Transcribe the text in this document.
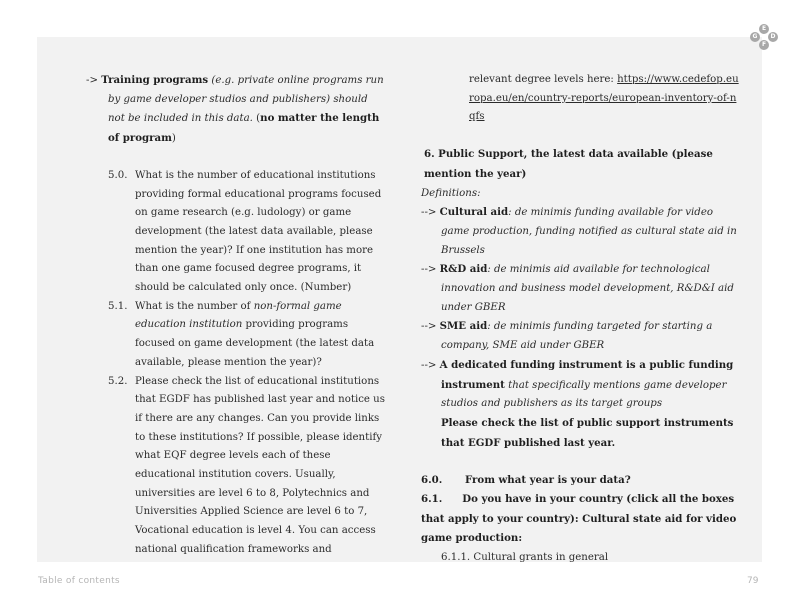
E
G	D
F

-> Training programs (e.g. private online programs run by game developer studios and publishers) should not be included in this data. (no matter the length of program)

5.0. What is the number of educational institutions providing formal educational programs focused on game research (e.g. ludology) or game development (the latest data available, please mention the year)? If one institution has more than one game focused degree programs, it should be calculated only once. (Number)
5.1. What is the number of non-formal game education institution providing programs focused on game development (the latest data available, please mention the year)?
5.2. Please check the list of educational institutions that EGDF has published last year and notice us if there are any changes. Can you provide links to these institutions? If possible, please identify what EQF degree levels each of these educational institution covers. Usually, universities are level 6 to 8, Polytechnics and Universities Applied Science are level 6 to 7, Vocational education is level 4. You can access national qualification frameworks and

relevant degree levels here: https://www.cedefop.europa.eu/en/country-reports/european-inventory-of-nqfs

6. Public Support, the latest data available (please mention the year)

Definitions:

--> Cultural aid: de minimis funding available for video game production, funding notified as cultural state aid in Brussels

--> R&D aid: de minimis aid available for technological innovation and business model development, R&D&I aid under GBER

--> SME aid: de minimis funding targeted for starting a company, SME aid under GBER

--> A dedicated funding instrument is a public funding instrument that specifically mentions game developer studios and publishers as its target groups

Please check the list of public support instruments that EGDF published last year.

6.0.	From what year is your data?

6.1. Do you have in your country (click all the boxes that apply to your country): Cultural state aid for video game production:

6.1.1. Cultural grants in general

Table of contents	79
